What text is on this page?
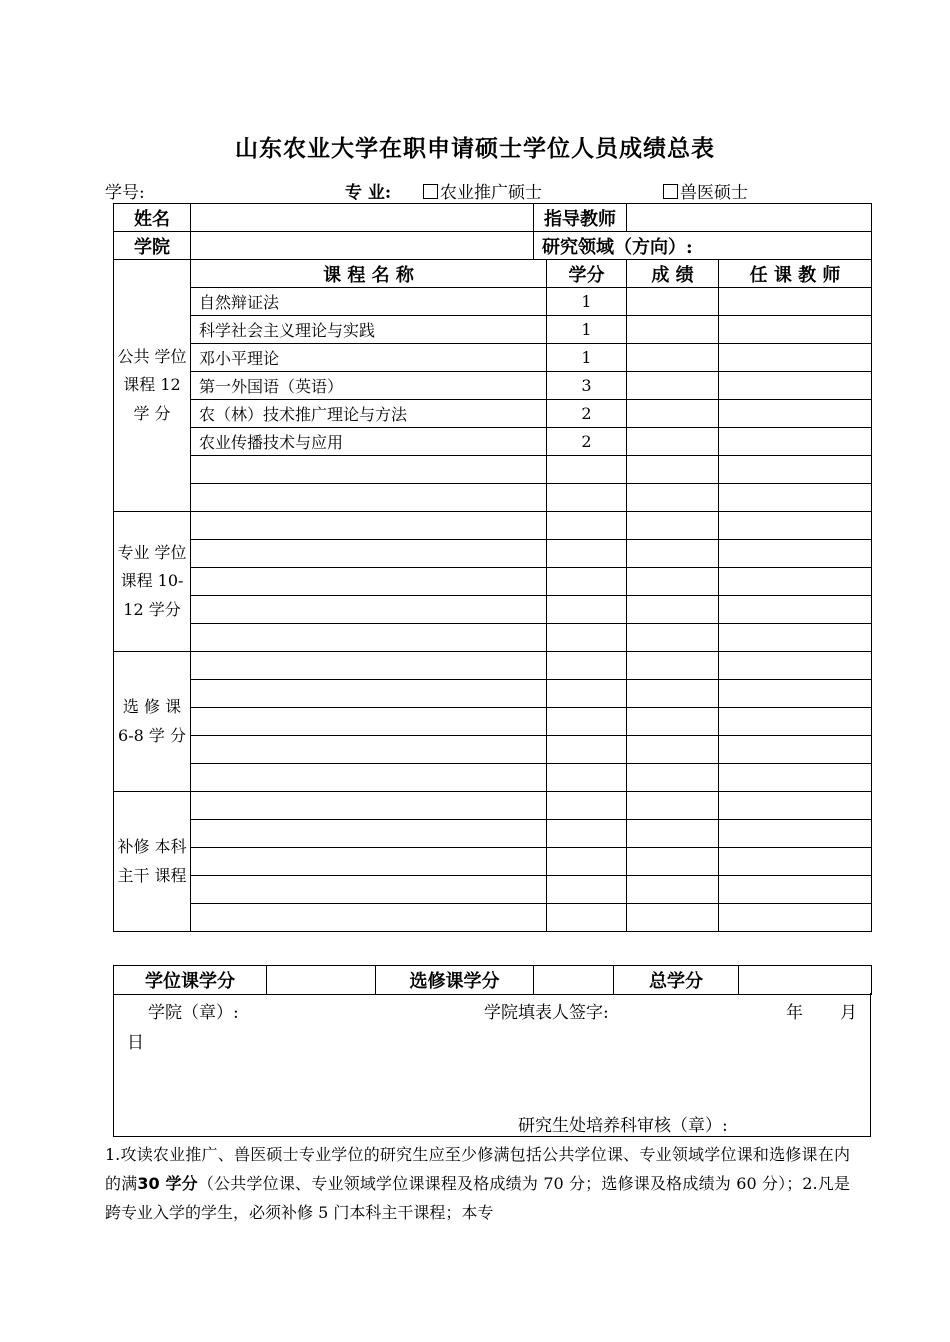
山东农业大学在职申请硕士学位人员成绩总表
学号:	专 业:	农业推广硕士	兽医硕士
姓名		指导教师			
学院		研究领域（方向）:			
公共 学位 课程 12 学 分	课 程 名 称		学分	成 绩	任 课 教 师
	自然辩证法		1		
	科学社会主义理论与实践		1		
	邓小平理论		1		
	第一外国语（英语）		3		
	农（林）技术推广理论与方法		2		
	农业传播技术与应用		2		

专业 学位 课程 10-12 学分					

选 修 课 6-8 学 分					

补修 本科 主干 课程					

学位课学分		选修课学分		总学分	
学院（章）:	学院填表人签字:	年 月
日
研究生处培养科审核（章）:
1.攻读农业推广、兽医硕士专业学位的研究生应至少修满包括公共学位课、专业领域学位课和选修课在内的满30 学分（公共学位课、专业领域学位课课程及格成绩为 70 分；选修课及格成绩为 60 分）；2.凡是跨专业入学的学生，必须补修 5 门本科主干课程；本专
